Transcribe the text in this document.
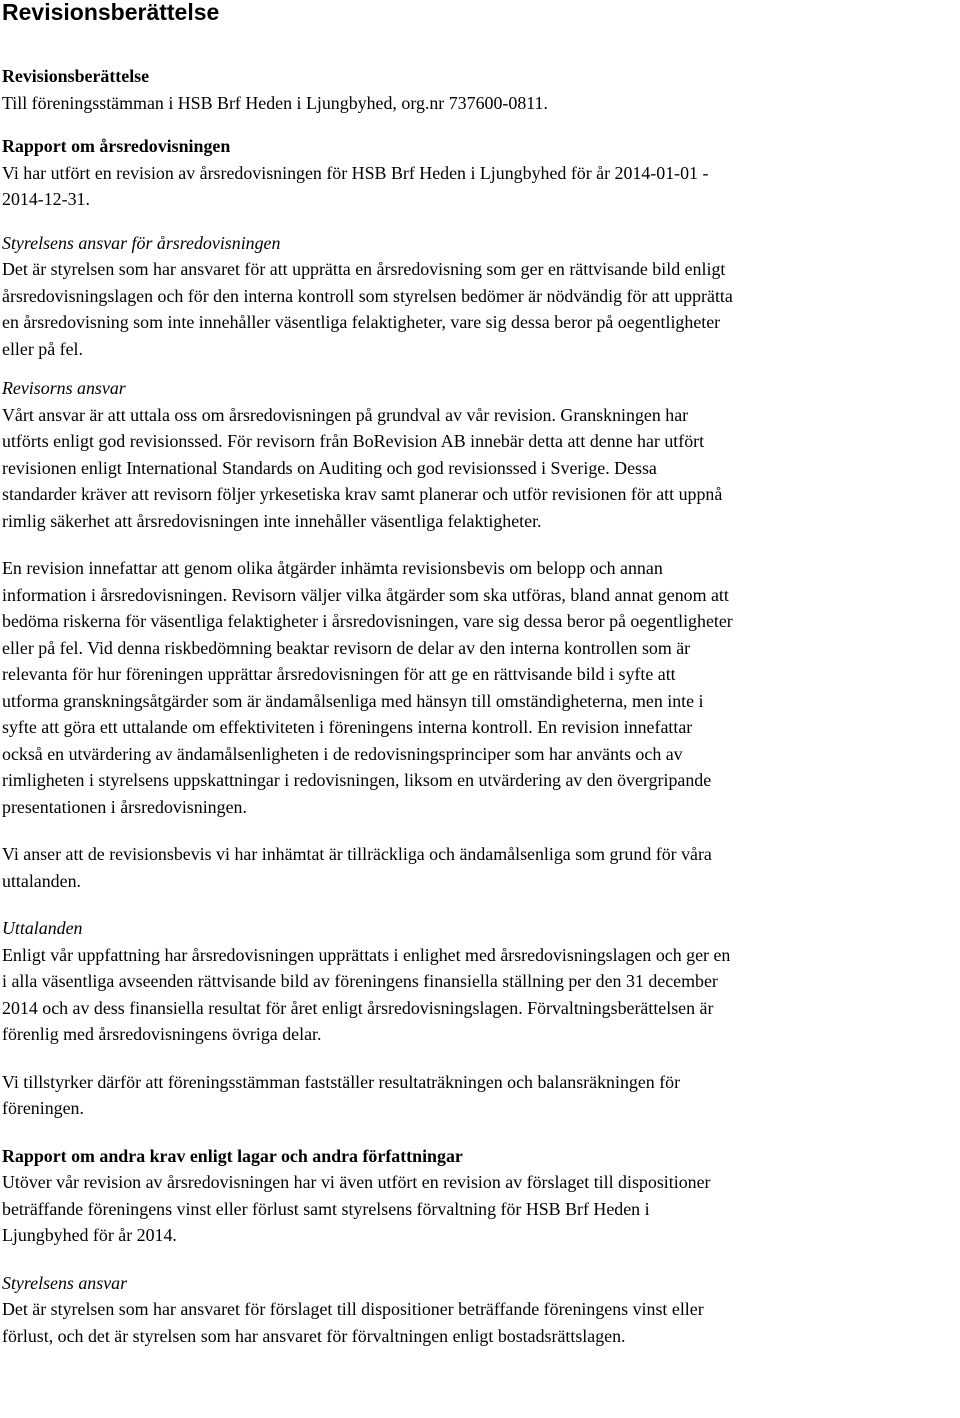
Revisionsberättelse
Revisionsberättelse
Till föreningsstämman i HSB Brf Heden i Ljungbyhed, org.nr 737600-0811.
Rapport om årsredovisningen
Vi har utfört en revision av årsredovisningen för HSB Brf Heden i Ljungbyhed för år 2014-01-01 -
2014-12-31.
Styrelsens ansvar för årsredovisningen
Det är styrelsen som har ansvaret för att upprätta en årsredovisning som ger en rättvisande bild enligt
årsredovisningslagen och för den interna kontroll som styrelsen bedömer är nödvändig för att upprätta
en årsredovisning som inte innehåller väsentliga felaktigheter, vare sig dessa beror på oegentligheter
eller på fel.
Revisorns ansvar
Vårt ansvar är att uttala oss om årsredovisningen på grundval av vår revision. Granskningen har
utförts enligt god revisionssed. För revisorn från BoRevision AB innebär detta att denne har utfört
revisionen enligt International Standards on Auditing och god revisionssed i Sverige. Dessa
standarder kräver att revisorn följer yrkesetiska krav samt planerar och utför revisionen för att uppnå
rimlig säkerhet att årsredovisningen inte innehåller väsentliga felaktigheter.
En revision innefattar att genom olika åtgärder inhämta revisionsbevis om belopp och annan
information i årsredovisningen. Revisorn väljer vilka åtgärder som ska utföras, bland annat genom att
bedöma riskerna för väsentliga felaktigheter i årsredovisningen, vare sig dessa beror på oegentligheter
eller på fel. Vid denna riskbedömning beaktar revisorn de delar av den interna kontrollen som är
relevanta för hur föreningen upprättar årsredovisningen för att ge en rättvisande bild i syfte att
utforma granskningsåtgärder som är ändamålsenliga med hänsyn till omständigheterna, men inte i
syfte att göra ett uttalande om effektiviteten i föreningens interna kontroll. En revision innefattar
också en utvärdering av ändamålsenligheten i de redovisningsprinciper som har använts och av
rimligheten i styrelsens uppskattningar i redovisningen, liksom en utvärdering av den övergripande
presentationen i årsredovisningen.
Vi anser att de revisionsbevis vi har inhämtat är tillräckliga och ändamålsenliga som grund för våra
uttalanden.
Uttalanden
Enligt vår uppfattning har årsredovisningen upprättats i enlighet med årsredovisningslagen och ger en
i alla väsentliga avseenden rättvisande bild av föreningens finansiella ställning per den 31 december
2014 och av dess finansiella resultat för året enligt årsredovisningslagen. Förvaltningsberättelsen är
förenlig med årsredovisningens övriga delar.
Vi tillstyrker därför att föreningsstämman fastställer resultaträkningen och balansräkningen för
föreningen.
Rapport om andra krav enligt lagar och andra författningar
Utöver vår revision av årsredovisningen har vi även utfört en revision av förslaget till dispositioner
beträffande föreningens vinst eller förlust samt styrelsens förvaltning för HSB Brf Heden i
Ljungbyhed för år 2014.
Styrelsens ansvar
Det är styrelsen som har ansvaret för förslaget till dispositioner beträffande föreningens vinst eller
förlust, och det är styrelsen som har ansvaret för förvaltningen enligt bostadsrättslagen.
